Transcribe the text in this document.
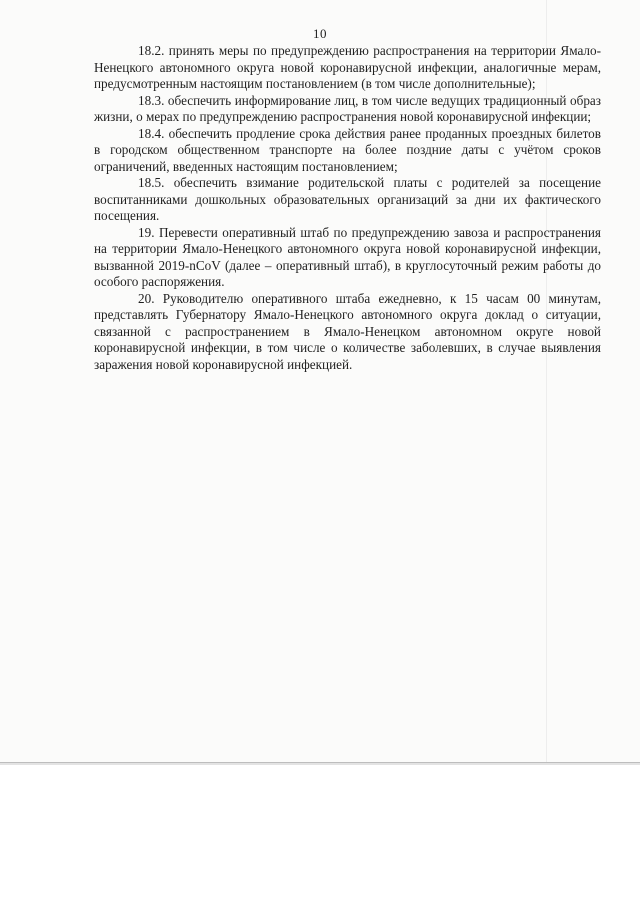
10

18.2. принять меры по предупреждению распространения на территории Ямало-Ненецкого автономного округа новой коронавирусной инфекции, аналогичные мерам, предусмотренным настоящим постановлением (в том числе дополнительные);

18.3. обеспечить информирование лиц, в том числе ведущих традиционный образ жизни, о мерах по предупреждению распространения новой коронавирусной инфекции;

18.4. обеспечить продление срока действия ранее проданных проездных билетов в городском общественном транспорте на более поздние даты с учётом сроков ограничений, введенных настоящим постановлением;

18.5. обеспечить взимание родительской платы с родителей за посещение воспитанниками дошкольных образовательных организаций за дни их фактического посещения.

19. Перевести оперативный штаб по предупреждению завоза и распространения на территории Ямало-Ненецкого автономного округа новой коронавирусной инфекции, вызванной 2019-nCoV (далее – оперативный штаб), в круглосуточный режим работы до особого распоряжения.

20. Руководителю оперативного штаба ежедневно, к 15 часам 00 минутам, представлять Губернатору Ямало-Ненецкого автономного округа доклад о ситуации, связанной с распространением в Ямало-Ненецком автономном округе новой коронавирусной инфекции, в том числе о количестве заболевших, в случае выявления заражения новой коронавирусной инфекцией.
